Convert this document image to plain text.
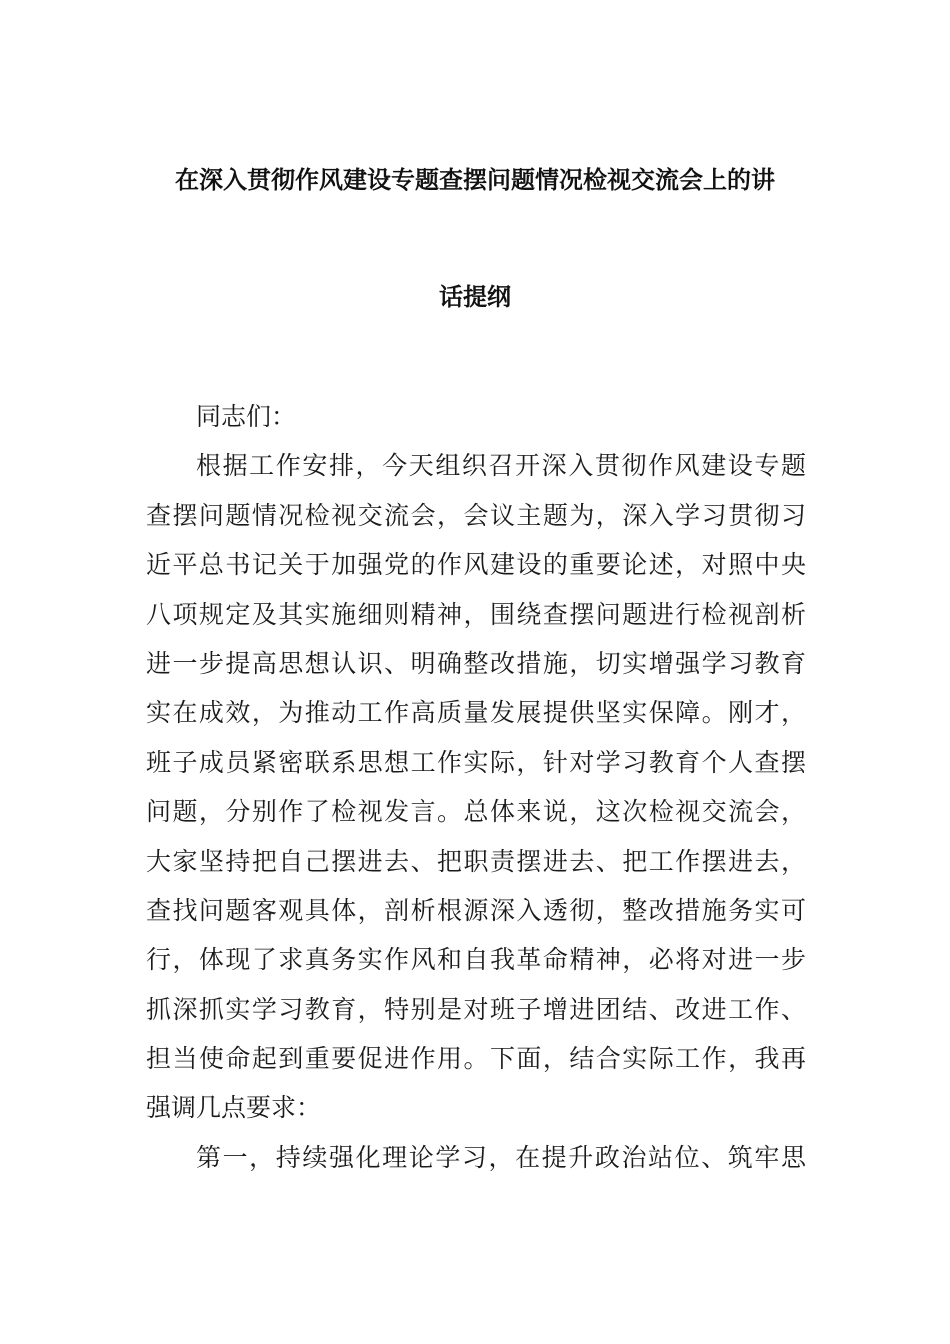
在深入贯彻作风建设专题查摆问题情况检视交流会上的讲
话提纲
同志们：
根据工作安排，今天组织召开深入贯彻作风建设专题
查摆问题情况检视交流会，会议主题为，深入学习贯彻习
近平总书记关于加强党的作风建设的重要论述，对照中央
八项规定及其实施细则精神，围绕查摆问题进行检视剖析
进一步提高思想认识、明确整改措施，切实增强学习教育
实在成效，为推动工作高质量发展提供坚实保障。刚才，
班子成员紧密联系思想工作实际，针对学习教育个人查摆
问题，分别作了检视发言。总体来说，这次检视交流会，
大家坚持把自己摆进去、把职责摆进去、把工作摆进去，
查找问题客观具体，剖析根源深入透彻，整改措施务实可
行，体现了求真务实作风和自我革命精神，必将对进一步
抓深抓实学习教育，特别是对班子增进团结、改进工作、
担当使命起到重要促进作用。下面，结合实际工作，我再
强调几点要求：
第一，持续强化理论学习，在提升政治站位、筑牢思
